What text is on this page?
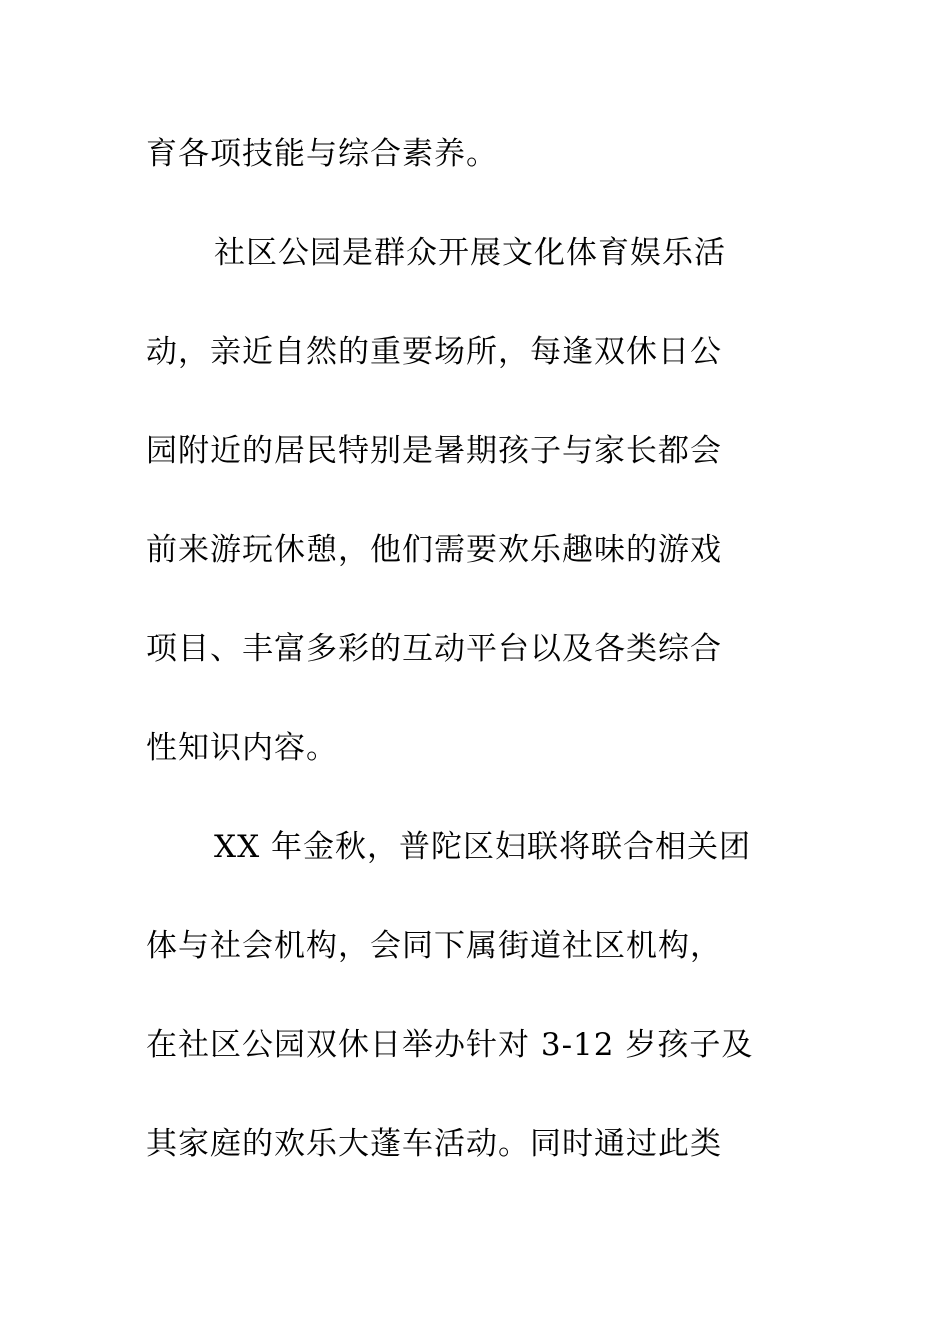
育各项技能与综合素养。
社区公园是群众开展文化体育娱乐活
动，亲近自然的重要场所，每逢双休日公
园附近的居民特别是暑期孩子与家长都会
前来游玩休憩，他们需要欢乐趣味的游戏
项目、丰富多彩的互动平台以及各类综合
性知识内容。
XX 年金秋，普陀区妇联将联合相关团
体与社会机构，会同下属街道社区机构，
在社区公园双休日举办针对 3-12 岁孩子及
其家庭的欢乐大蓬车活动。同时通过此类
